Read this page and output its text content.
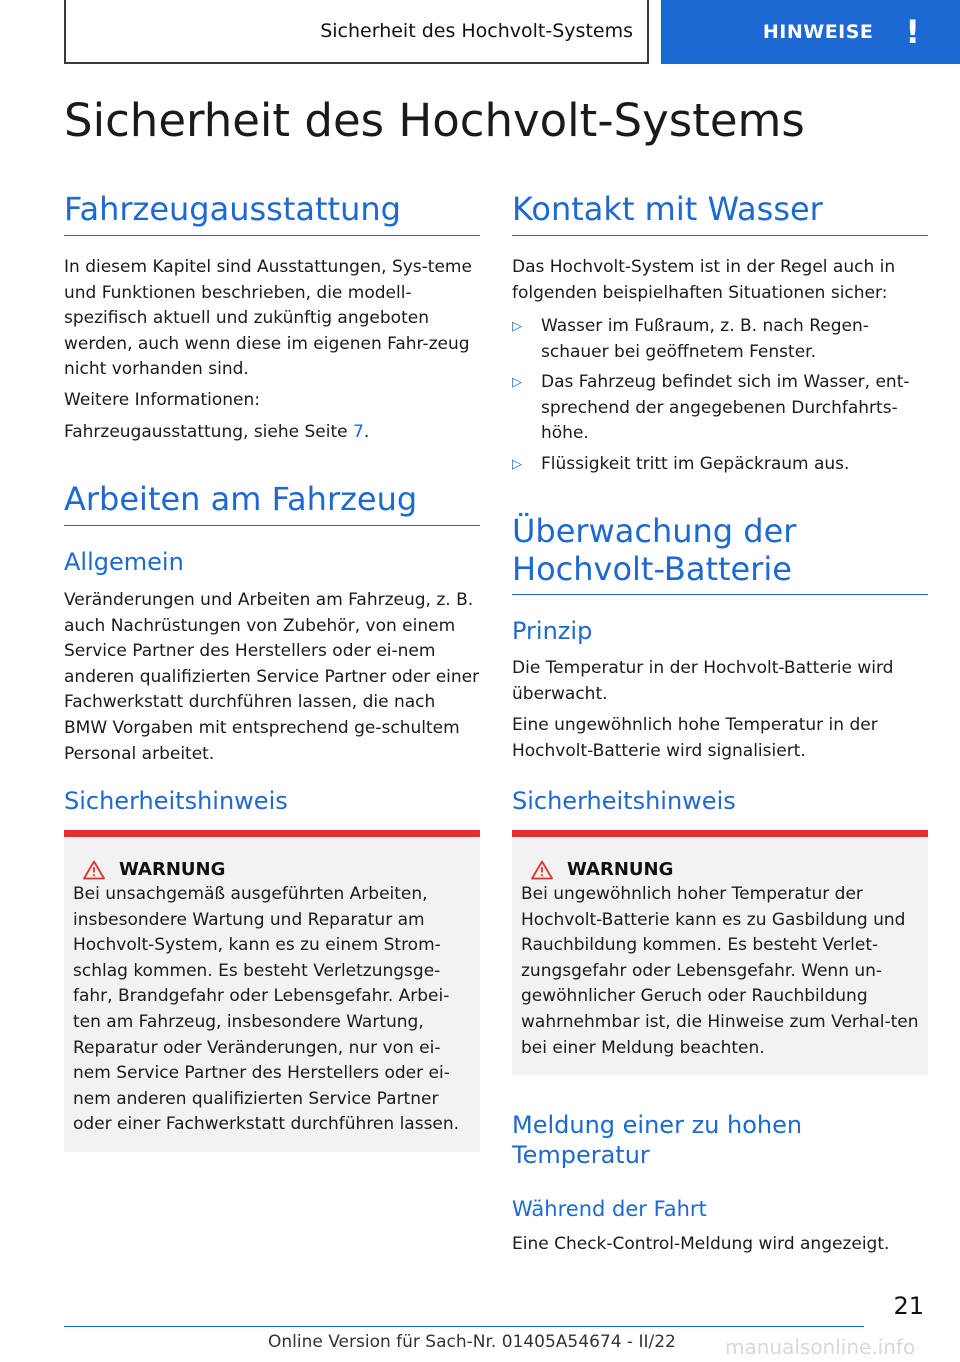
Sicherheit des Hochvolt-Systems	HINWEISE !
Sicherheit des Hochvolt-Systems
Fahrzeugausstattung

In diesem Kapitel sind Ausstattungen, Sys-teme und Funktionen beschrieben, die modell-spezifisch aktuell und zukünftig angeboten werden, auch wenn diese im eigenen Fahr-zeug nicht vorhanden sind.

Weitere Informationen:

Fahrzeugausstattung, siehe Seite 7.

Arbeiten am Fahrzeug
Allgemein

Veränderungen und Arbeiten am Fahrzeug, z. B. auch Nachrüstungen von Zubehör, von einem Service Partner des Herstellers oder ei-nem anderen qualifizierten Service Partner oder einer Fachwerkstatt durchführen lassen, die nach BMW Vorgaben mit entsprechend ge-schultem Personal arbeitet.

Sicherheitshinweis
WARNUNG

Bei unsachgemäß ausgeführten Arbeiten, insbesondere Wartung und Reparatur am Hochvolt-System, kann es zu einem Strom-schlag kommen. Es besteht Verletzungsge-fahr, Brandgefahr oder Lebensgefahr. Arbei-ten am Fahrzeug, insbesondere Wartung, Reparatur oder Veränderungen, nur von ei-nem Service Partner des Herstellers oder ei-nem anderen qualifizierten Service Partner oder einer Fachwerkstatt durchführen lassen.

Kontakt mit Wasser

Das Hochvolt-System ist in der Regel auch in folgenden beispielhaften Situationen sicher:

▷ Wasser im Fußraum, z. B. nach Regen-schauer bei geöffnetem Fenster.
▷ Das Fahrzeug befindet sich im Wasser, ent-sprechend der angegebenen Durchfahrts-höhe.
▷ Flüssigkeit tritt im Gepäckraum aus.
Überwachung der Hochvolt-Batterie
Prinzip

Die Temperatur in der Hochvolt-Batterie wird überwacht.

Eine ungewöhnlich hohe Temperatur in der Hochvolt-Batterie wird signalisiert.

Sicherheitshinweis
WARNUNG

Bei ungewöhnlich hoher Temperatur der Hochvolt-Batterie kann es zu Gasbildung und Rauchbildung kommen. Es besteht Verlet-zungsgefahr oder Lebensgefahr. Wenn un-gewöhnlicher Geruch oder Rauchbildung wahrnehmbar ist, die Hinweise zum Verhal-ten bei einer Meldung beachten.

Meldung einer zu hohen Temperatur
Während der Fahrt

Eine Check-Control-Meldung wird angezeigt.

21
Online Version für Sach-Nr. 01405A54674 - II/22 manualsonline.info
